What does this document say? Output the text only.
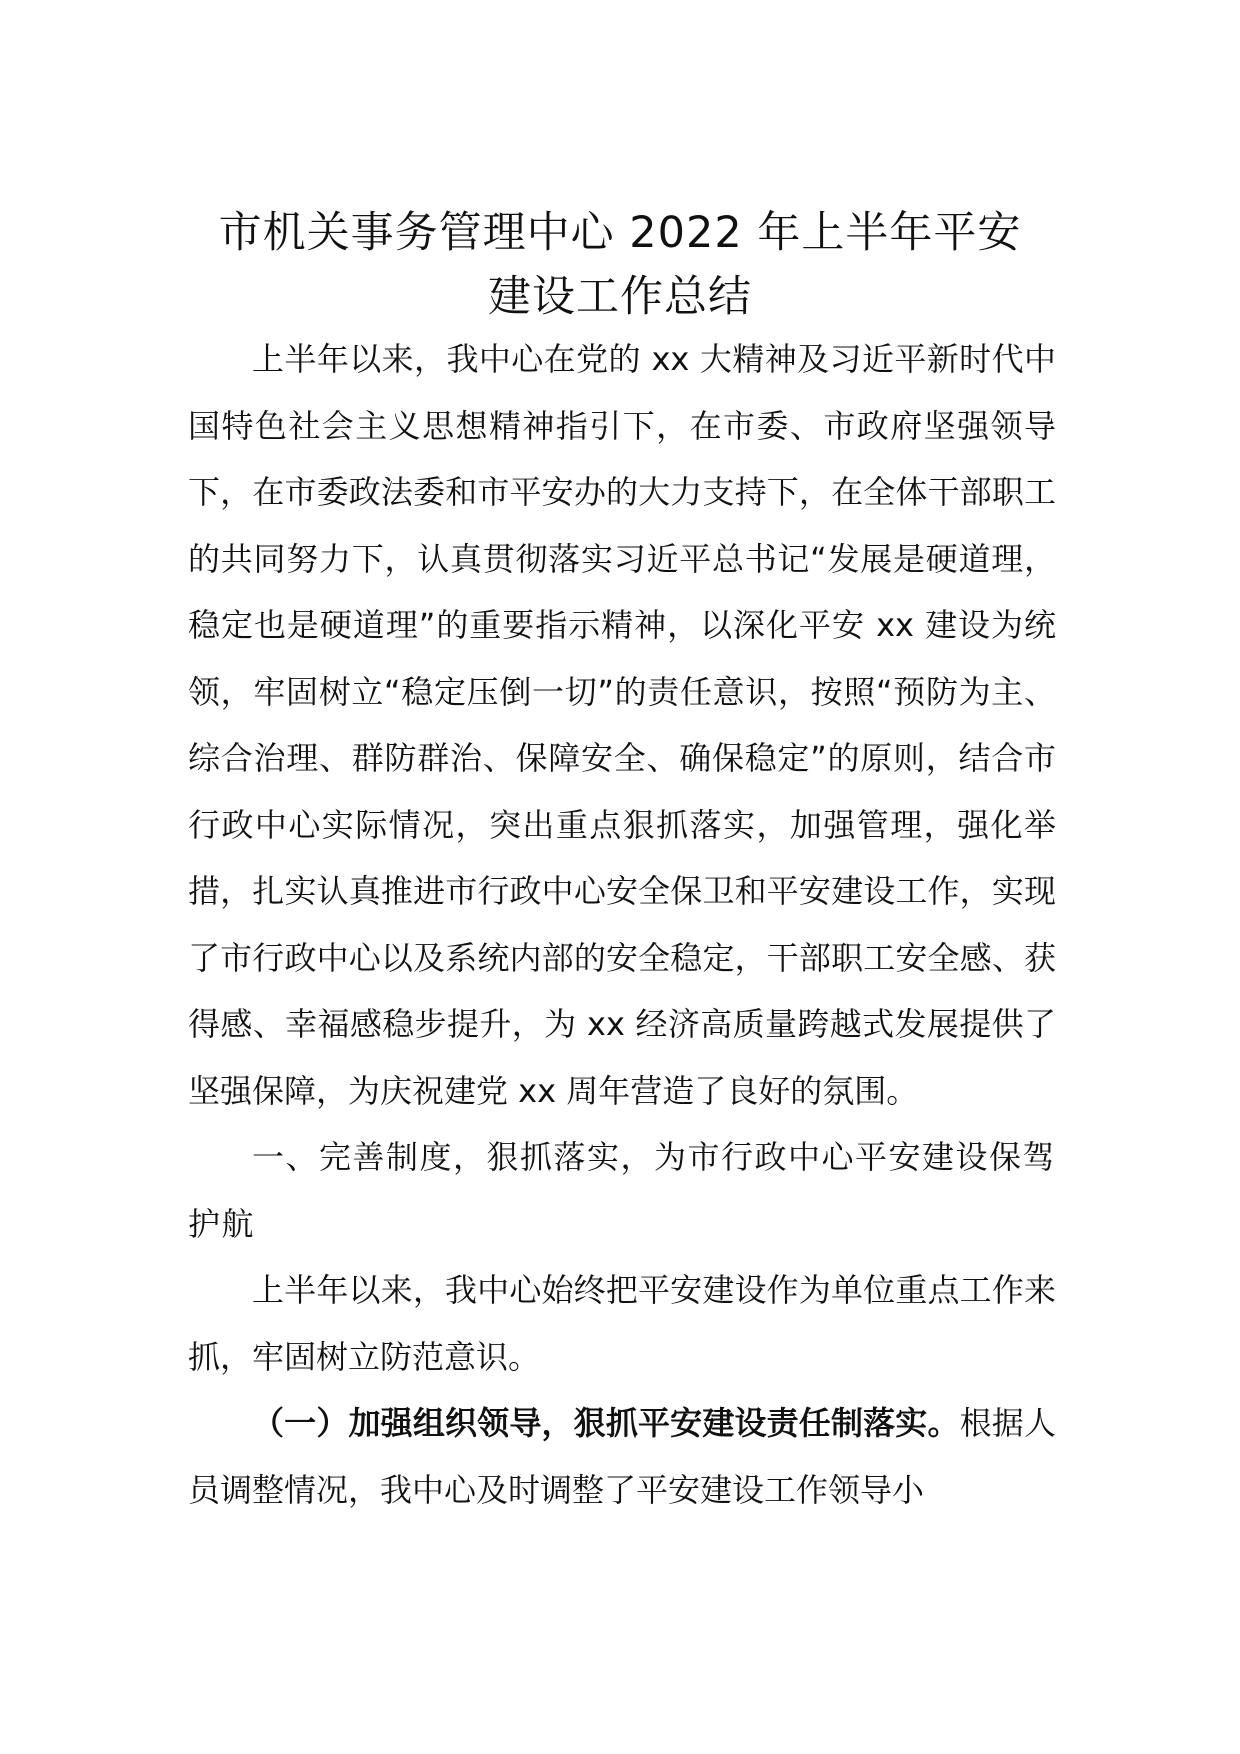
市机关事务管理中心 2022 年上半年平安
建设工作总结

上半年以来，我中心在党的 xx 大精神及习近平新时代中国特色社会主义思想精神指引下，在市委、市政府坚强领导下，在市委政法委和市平安办的大力支持下，在全体干部职工的共同努力下，认真贯彻落实习近平总书记“发展是硬道理，稳定也是硬道理”的重要指示精神，以深化平安 xx 建设为统领，牢固树立“稳定压倒一切”的责任意识，按照“预防为主、综合治理、群防群治、保障安全、确保稳定”的原则，结合市行政中心实际情况，突出重点狠抓落实，加强管理，强化举措，扎实认真推进市行政中心安全保卫和平安建设工作，实现了市行政中心以及系统内部的安全稳定，干部职工安全感、获得感、幸福感稳步提升，为 xx 经济高质量跨越式发展提供了坚强保障，为庆祝建党 xx 周年营造了良好的氛围。

一、完善制度，狠抓落实，为市行政中心平安建设保驾护航

上半年以来，我中心始终把平安建设作为单位重点工作来抓，牢固树立防范意识。

（一）加强组织领导，狠抓平安建设责任制落实。根据人员调整情况，我中心及时调整了平安建设工作领导小
